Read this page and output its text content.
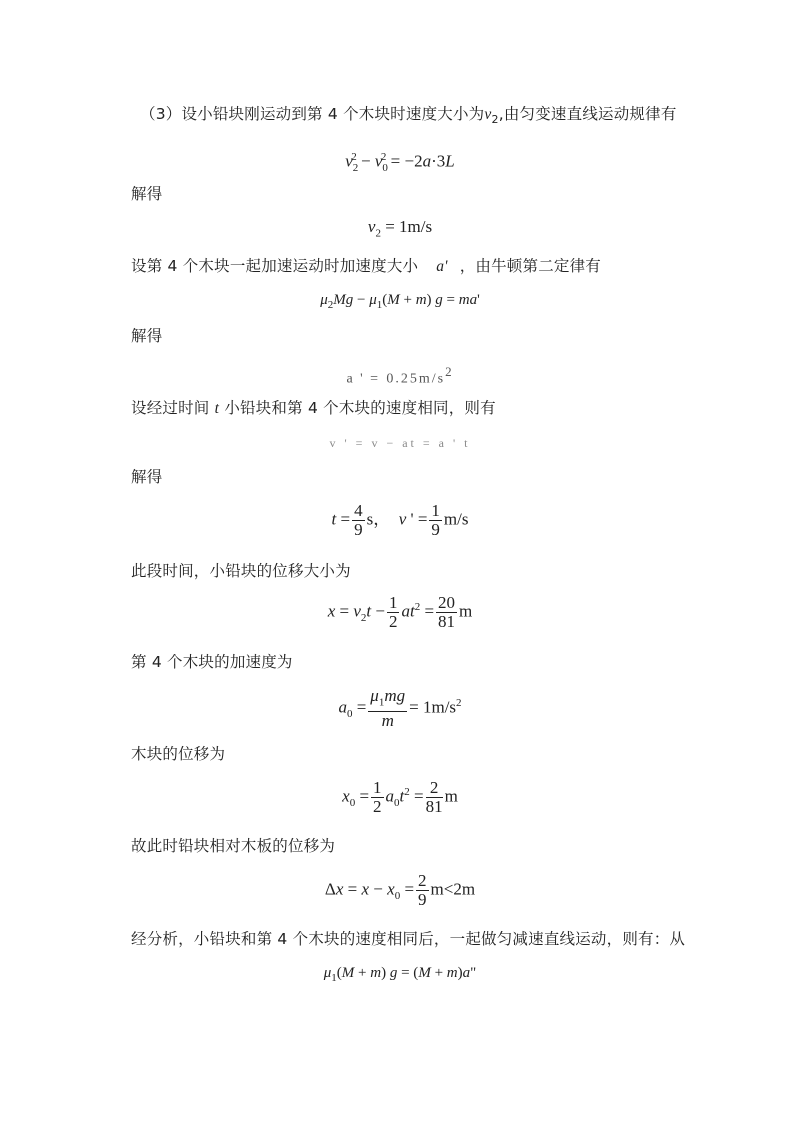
（3）设小铅块刚运动到第 4 个木块时速度大小为$v_2$,由匀变速直线运动规律有
$v_2^2 - v_0^2 = -2a\cdot 3L$
解得
$v_2 = 1m/s$
设第 4 个木块一起加速运动时加速度大小 a' ，由牛顿第二定律有
$\mu_2Mg - \mu_1(M + m) g = ma'$
解得
a ' = $0.25m/s^2$
设经过时间 t 小铅块和第 4 个木块的速度相同，则有
v ' = v − at = a ' t
解得
$t = \frac{4}{9}$ s， v ' = $\frac{1}{9} m/s$
此段时间，小铅块的位移大小为
$x = v_2t - \frac{1}{2} at^2 = \frac{20}{81}$ m
第 4 个木块的加速度为
$a_0 = \frac{\mu_1mg}{m} = 1m/s^2$
木块的位移为
$x_0 = \frac{1}{2} a_0t^2 = \frac{2}{81}$ m
故此时铅块相对木板的位移为
$\Delta x = x - x_0 = \frac{2}{9} m<2m$
经分析，小铅块和第 4 个木块的速度相同后，一起做匀减速直线运动，则有：从
$\mu_1(M + m) g = (M + m)a$"
